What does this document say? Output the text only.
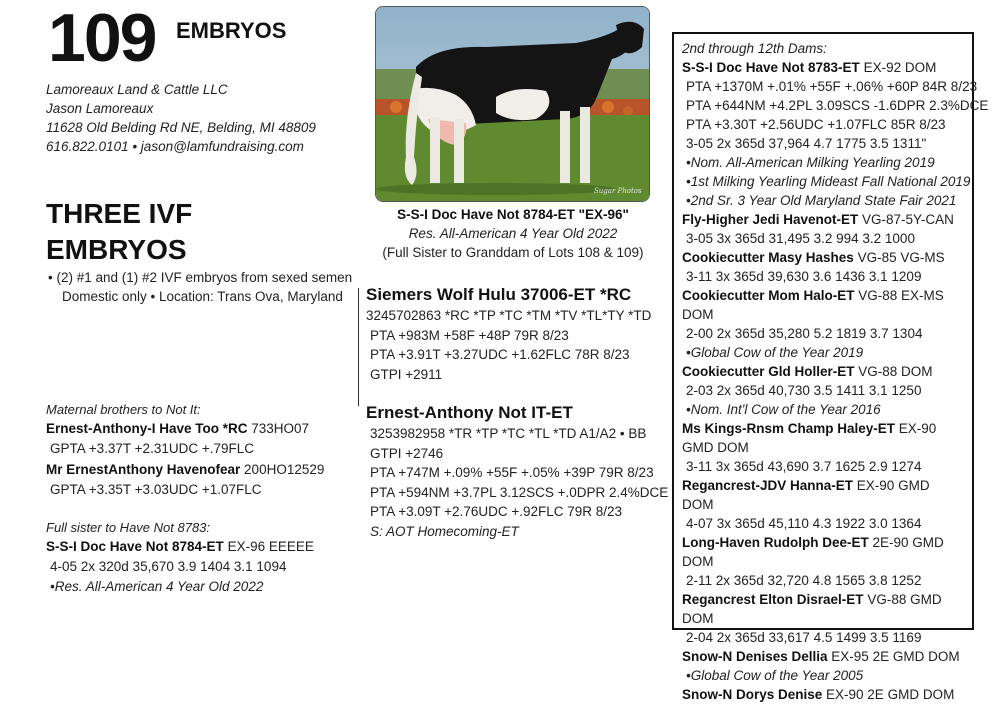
109 EMBRYOS
Lamoreaux Land & Cattle LLC
Jason Lamoreaux
11628 Old Belding Rd NE, Belding, MI 48809
616.822.0101 • jason@lamfundraising.com
THREE IVF
EMBRYOS
• (2) #1 and (1) #2 IVF embryos from sexed semen
Domestic only • Location: Trans Ova, Maryland
Maternal brothers to Not It:
Ernest-Anthony-I Have Too *RC 733HO07
GPTA +3.37T +2.31UDC +.79FLC
Mr ErnestAnthony Havenofear 200HO12529
GPTA +3.35T +3.03UDC +1.07FLC
Full sister to Have Not 8783:
S-S-I Doc Have Not 8784-ET EX-96 EEEEE
4-05 2x 320d 35,670 3.9 1404 3.1 1094
•Res. All-American 4 Year Old 2022
Sugar Photos
S-S-I Doc Have Not 8784-ET "EX-96"
Res. All-American 4 Year Old 2022
(Full Sister to Granddam of Lots 108 & 109)
Siemers Wolf Hulu 37006-ET *RC
3245702863 *RC *TP *TC *TM *TV *TL*TY *TD
PTA +983M +58F +48P 79R 8/23
PTA +3.91T +3.27UDC +1.62FLC 78R 8/23
GTPI +2911
Ernest-Anthony Not IT-ET
3253982958 *TR *TP *TC *TL *TD A1/A2 • BB
GTPI +2746
PTA +747M +.09% +55F +.05% +39P 79R 8/23
PTA +594NM +3.7PL 3.12SCS +.0DPR 2.4%DCE
PTA +3.09T +2.76UDC +.92FLC 79R 8/23
S: AOT Homecoming-ET
2nd through 12th Dams:
S-S-I Doc Have Not 8783-ET EX-92 DOM
PTA +1370M +.01% +55F +.06% +60P 84R 8/23
PTA +644NM +4.2PL 3.09SCS -1.6DPR 2.3%DCE
PTA +3.30T +2.56UDC +1.07FLC 85R 8/23
3-05 2x 365d 37,964 4.7 1775 3.5 1311"
•Nom. All-American Milking Yearling 2019
•1st Milking Yearling Mideast Fall National 2019
•2nd Sr. 3 Year Old Maryland State Fair 2021
Fly-Higher Jedi Havenot-ET VG-87-5Y-CAN
3-05 3x 365d 31,495 3.2 994 3.2 1000
Cookiecutter Masy Hashes VG-85 VG-MS
3-11 3x 365d 39,630 3.6 1436 3.1 1209
Cookiecutter Mom Halo-ET VG-88 EX-MS DOM
2-00 2x 365d 35,280 5.2 1819 3.7 1304
•Global Cow of the Year 2019
Cookiecutter Gld Holler-ET VG-88 DOM
2-03 2x 365d 40,730 3.5 1411 3.1 1250
•Nom. Int'l Cow of the Year 2016
Ms Kings-Rnsm Champ Haley-ET EX-90 GMD DOM
3-11 3x 365d 43,690 3.7 1625 2.9 1274
Regancrest-JDV Hanna-ET EX-90 GMD DOM
4-07 3x 365d 45,110 4.3 1922 3.0 1364
Long-Haven Rudolph Dee-ET 2E-90 GMD DOM
2-11 2x 365d 32,720 4.8 1565 3.8 1252
Regancrest Elton Disrael-ET VG-88 GMD DOM
2-04 2x 365d 33,617 4.5 1499 3.5 1169
Snow-N Denises Dellia EX-95 2E GMD DOM
•Global Cow of the Year 2005
Snow-N Dorys Denise EX-90 2E GMD DOM
